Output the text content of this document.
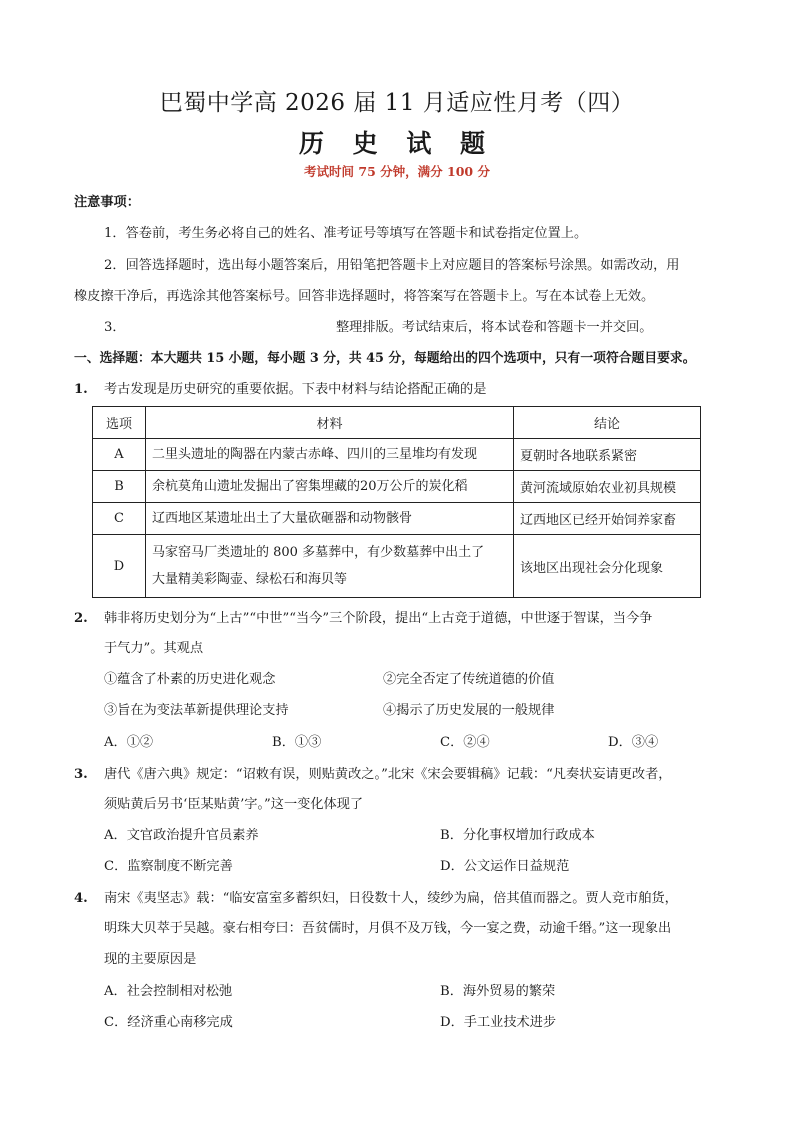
巴蜀中学高 2026 届 11 月适应性月考（四）
历 史 试 题
考试时间 75 分钟，满分 100 分
注意事项：
1．答卷前，考生务必将自己的姓名、准考证号等填写在答题卡和试卷指定位置上。
2．回答选择题时，选出每小题答案后，用铅笔把答题卡上对应题目的答案标号涂黑。如需改动，用
橡皮擦干净后，再选涂其他答案标号。回答非选择题时，将答案写在答题卡上。写在本试卷上无效。
3．	整理排版。考试结束后，将本试卷和答题卡一并交回。
一、选择题：本大题共 15 小题，每小题 3 分，共 45 分，每题给出的四个选项中，只有一项符合题目要求。
1. 考古发现是历史研究的重要依据。下表中材料与结论搭配正确的是
选项	材料	结论
A	二里头遗址的陶器在内蒙古赤峰、四川的三星堆均有发现	夏朝时各地联系紧密
B	余杭莫角山遗址发掘出了窖集埋藏的20万公斤的炭化稻	黄河流域原始农业初具规模
C	辽西地区某遗址出土了大量砍砸器和动物骸骨	辽西地区已经开始饲养家畜
D	马家窑马厂类遗址的 800 多墓葬中，有少数墓葬中出土了
大量精美彩陶壶、绿松石和海贝等	该地区出现社会分化现象
2. 韩非将历史划分为“上古”“中世”“当今”三个阶段，提出“上古竞于道德，中世逐于智谋，当今争
于气力”。其观点
①蕴含了朴素的历史进化观念	②完全否定了传统道德的价值
③旨在为变法革新提供理论支持	④揭示了历史发展的一般规律
A．①②	B．①③	C．②④	D．③④
3. 唐代《唐六典》规定：“诏敕有误，则贴黄改之。”北宋《宋会要辑稿》记载：“凡奏状妄请更改者，
须贴黄后另书‘臣某贴黄’字。”这一变化体现了
A．文官政治提升官员素养	B．分化事权增加行政成本
C．监察制度不断完善	D．公文运作日益规范
4. 南宋《夷坚志》载：“临安富室多蓄织妇，日役数十人，绫纱为扁，倍其值而器之。贾人竞市舶货，
明珠大贝萃于吴越。豪右相夸曰：吾贫儒时，月俱不及万钱，今一宴之费，动逾千缗。”这一现象出
现的主要原因是
A．社会控制相对松弛	B．海外贸易的繁荣
C．经济重心南移完成	D．手工业技术进步
